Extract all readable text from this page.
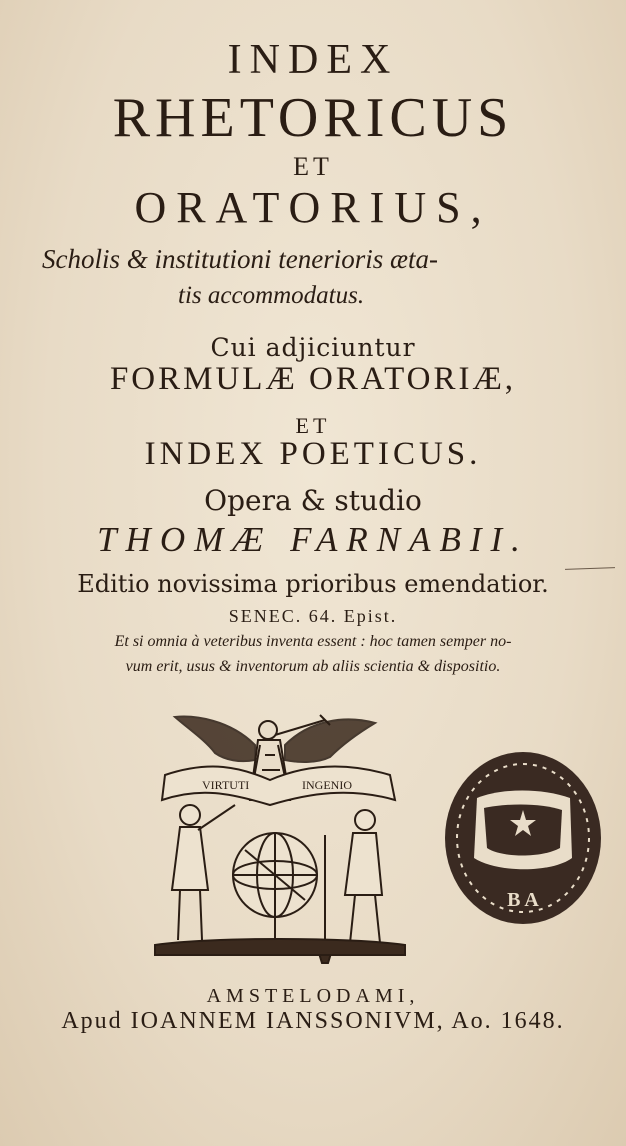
INDEX
RHETORICUS
ET
ORATORIUS,
Scholis & institutioni tenerioris ӕta-
tis accommodatus.
Cui adjiciuntur
FORMULÆ ORATORIÆ,
ET
INDEX POETICUS.
Opera & studio
THOMÆ FARNABII.
Editio novissima prioribus emendatior.
SENEC. 64. Epist.
Et si omnia à veteribus inventa essent : hoc tamen semper no-
vum erit, usus & inventorum ab aliis scientia & dispositio.
VIRTUTI	INGENIO
B A
AMSTELODAMI,
Apud IOANNEM IANSSONIVM, Ao. 1648.
